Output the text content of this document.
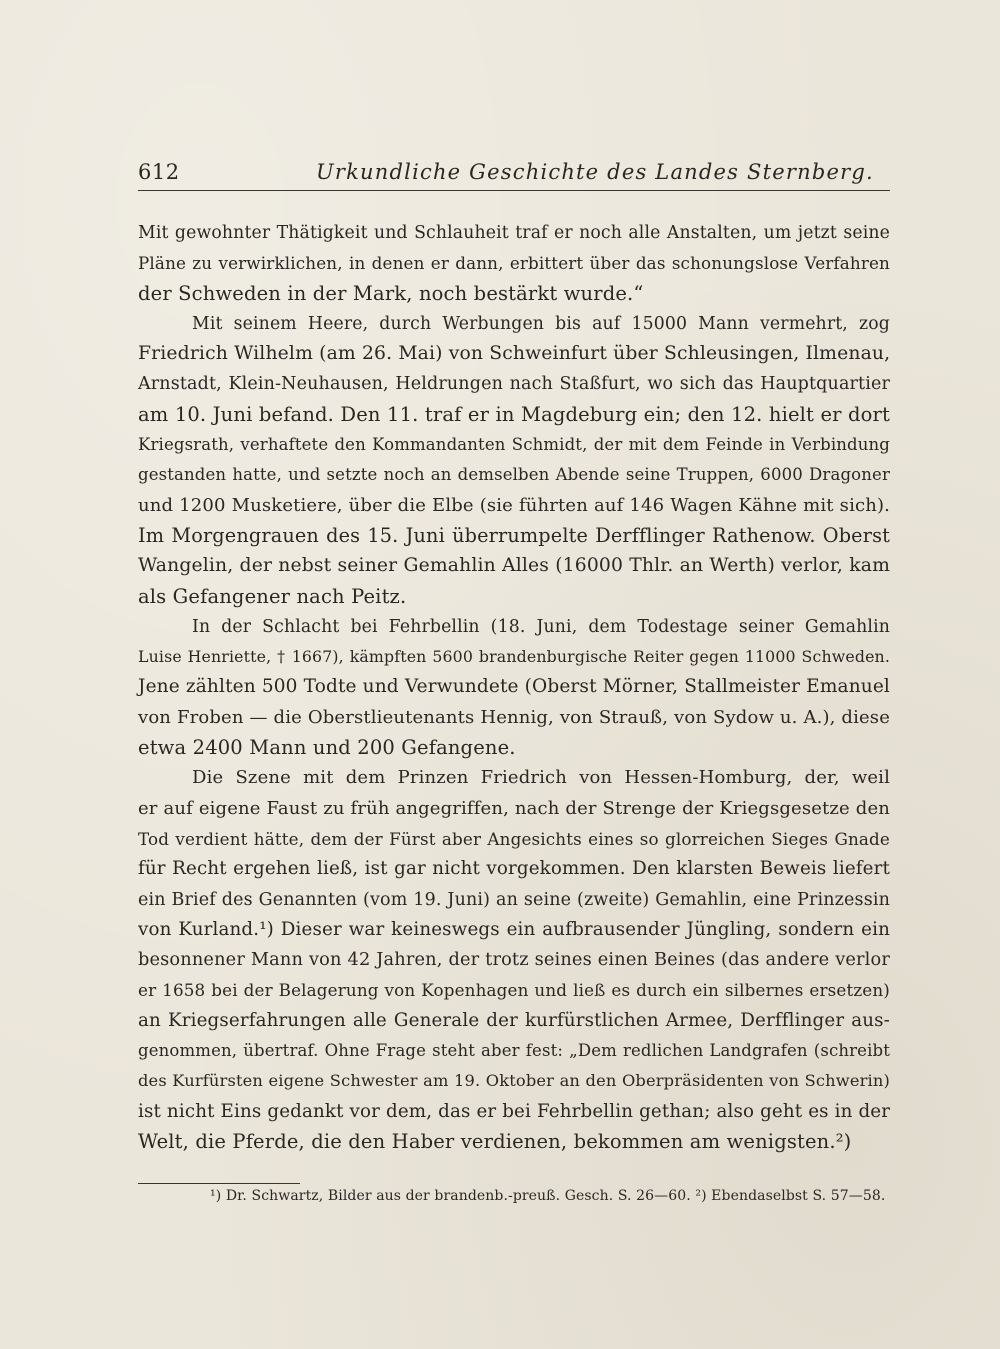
612	Urkundliche Geschichte des Landes Sternberg.
Mit gewohnter Thätigkeit und Schlauheit traf er noch alle Anstalten, um jetzt seine
Pläne zu verwirklichen, in denen er dann, erbittert über das schonungslose Verfahren
der Schweden in der Mark, noch bestärkt wurde.“
Mit seinem Heere, durch Werbungen bis auf 15000 Mann vermehrt, zog
Friedrich Wilhelm (am 26. Mai) von Schweinfurt über Schleusingen, Ilmenau,
Arnstadt, Klein-Neuhausen, Heldrungen nach Staßfurt, wo sich das Hauptquartier
am 10. Juni befand. Den 11. traf er in Magdeburg ein; den 12. hielt er dort
Kriegsrath, verhaftete den Kommandanten Schmidt, der mit dem Feinde in Verbindung
gestanden hatte, und setzte noch an demselben Abende seine Truppen, 6000 Dragoner
und 1200 Musketiere, über die Elbe (sie führten auf 146 Wagen Kähne mit sich).
Im Morgengrauen des 15. Juni überrumpelte Derfflinger Rathenow. Oberst
Wangelin, der nebst seiner Gemahlin Alles (16000 Thlr. an Werth) verlor, kam
als Gefangener nach Peitz.
In der Schlacht bei Fehrbellin (18. Juni, dem Todestage seiner Gemahlin
Luise Henriette, † 1667), kämpften 5600 brandenburgische Reiter gegen 11000 Schweden.
Jene zählten 500 Todte und Verwundete (Oberst Mörner, Stallmeister Emanuel
von Froben — die Oberstlieutenants Hennig, von Strauß, von Sydow u. A.), diese
etwa 2400 Mann und 200 Gefangene.
Die Szene mit dem Prinzen Friedrich von Hessen-Homburg, der, weil
er auf eigene Faust zu früh angegriffen, nach der Strenge der Kriegsgesetze den
Tod verdient hätte, dem der Fürst aber Angesichts eines so glorreichen Sieges Gnade
für Recht ergehen ließ, ist gar nicht vorgekommen. Den klarsten Beweis liefert
ein Brief des Genannten (vom 19. Juni) an seine (zweite) Gemahlin, eine Prinzessin
von Kurland.¹) Dieser war keineswegs ein aufbrausender Jüngling, sondern ein
besonnener Mann von 42 Jahren, der trotz seines einen Beines (das andere verlor
er 1658 bei der Belagerung von Kopenhagen und ließ es durch ein silbernes ersetzen)
an Kriegserfahrungen alle Generale der kurfürstlichen Armee, Derfflinger aus-
genommen, übertraf. Ohne Frage steht aber fest: „Dem redlichen Landgrafen (schreibt
des Kurfürsten eigene Schwester am 19. Oktober an den Oberpräsidenten von Schwerin)
ist nicht Eins gedankt vor dem, das er bei Fehrbellin gethan; also geht es in der
Welt, die Pferde, die den Haber verdienen, bekommen am wenigsten.²)
¹) Dr. Schwartz, Bilder aus der brandenb.-preuß. Gesch. S. 26—60. ²) Ebendaselbst S. 57—58.
